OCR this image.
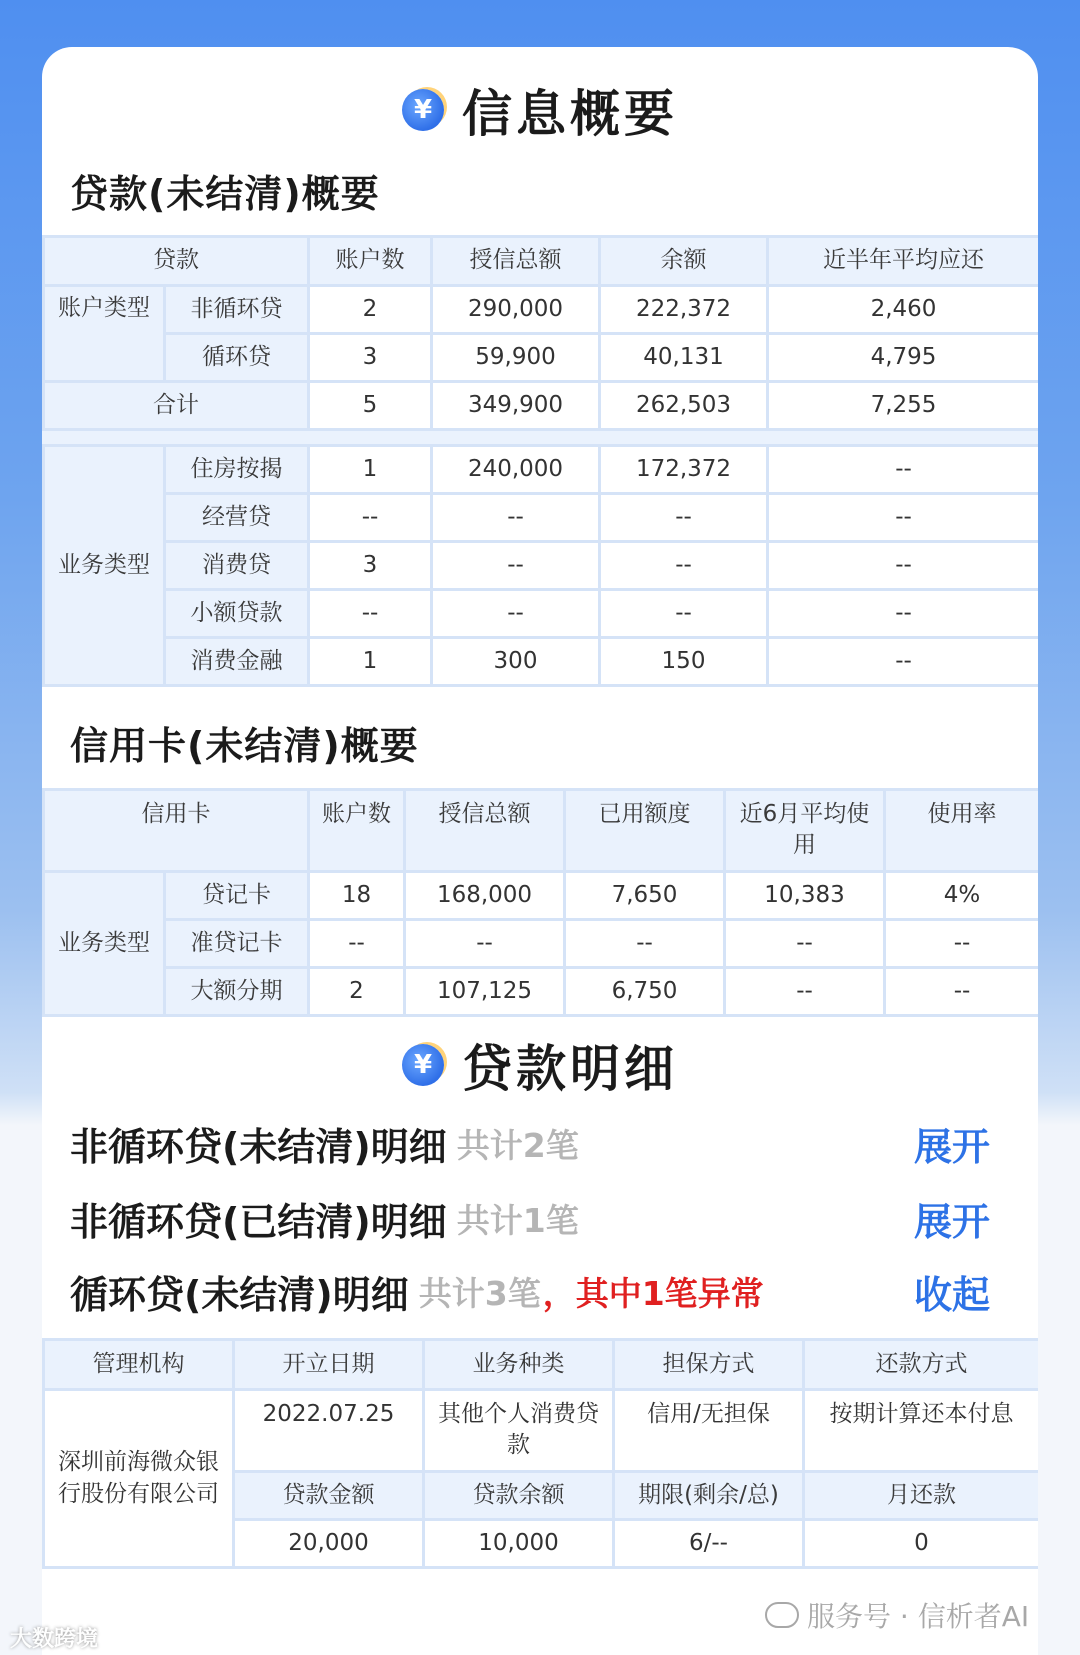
¥ 信息概要
贷款(未结清)概要
贷款		账户数	授信总额	余额	近半年平均应还
账户类型	非循环贷	2	290,000	222,372	2,460
	循环贷	3	59,900	40,131	4,795
合计		5	349,900	262,503	7,255
业务类型	住房按揭	1	240,000	172,372	--
	经营贷	--	--	--	--
	消费贷	3	--	--	--
	小额贷款	--	--	--	--
	消费金融	1	300	150	--
信用卡(未结清)概要
信用卡		账户数	授信总额	已用额度	近6月平均使用	使用率
业务类型	贷记卡	18	168,000	7,650	10,383	4%
	准贷记卡	--	--	--	--	--
	大额分期	2	107,125	6,750	--	--
¥ 贷款明细
非循环贷(未结清)明细 共计2笔	展开
非循环贷(已结清)明细 共计1笔	展开
循环贷(未结清)明细 共计3笔 ，其中1笔异常	收起
管理机构	开立日期	业务种类	担保方式	还款方式
深圳前海微众银行股份有限公司	2022.07.25	其他个人消费贷款	信用/无担保	按期计算还本付息
	贷款金额	贷款余额	期限(剩余/总)	月还款
	20,000	10,000	6/--	0
大数跨境
服务号 · 信析者AI
